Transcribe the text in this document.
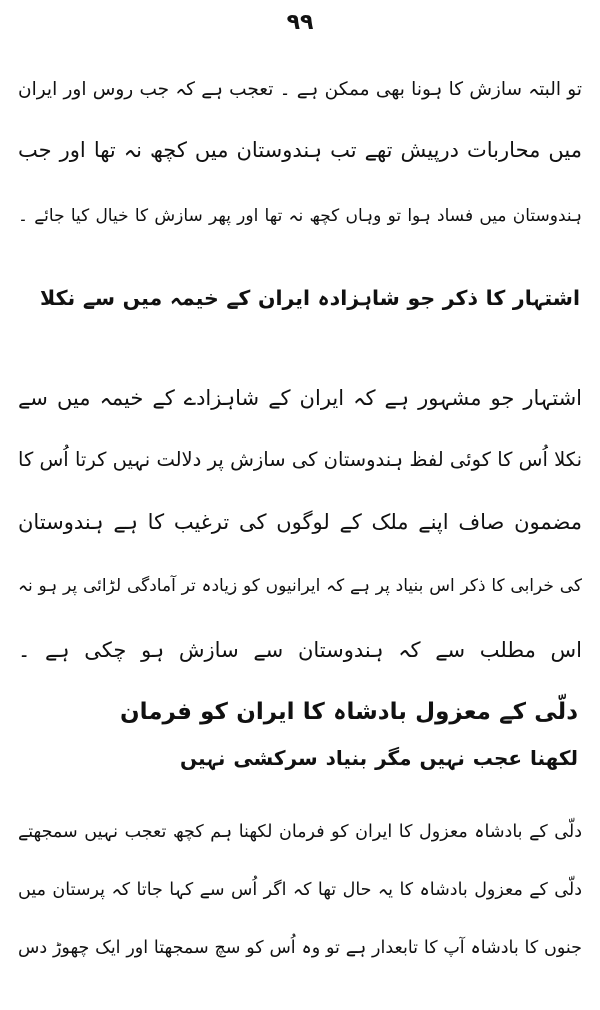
۹۹
تو البتہ سازش کا ہونا بھی ممکن ہے ۔ تعجب ہے کہ جب روس اور ایران
میں محاربات درپیش تھے تب ہندوستان میں کچھ نہ تھا اور جب
ہندوستان میں فساد ہوا تو وہاں کچھ نہ تھا اور پھر سازش کا خیال کیا جائے ۔
اشتہار کا ذکر جو شاہزادہ ایران کے خیمہ میں سے نکلا
اشتہار جو مشہور ہے کہ ایران کے شاہزادے کے خیمہ میں سے
نکلا اُس کا کوئی لفظ ہندوستان کی سازش پر دلالت نہیں کرتا اُس کا
مضمون صاف اپنے ملک کے لوگوں کی ترغیب کا ہے ہندوستان
کی خرابی کا ذکر اس بنیاد پر ہے کہ ایرانیوں کو زیادہ تر آمادگی لڑائی پر ہو نہ
اس مطلب سے کہ ہندوستان سے سازش ہو چکی ہے ۔
دلّی کے معزول بادشاہ کا ایران کو فرمان
لکھنا عجب نہیں مگر بنیاد سرکشی نہیں
دلّی کے بادشاہ معزول کا ایران کو فرمان لکھنا ہم کچھ تعجب نہیں سمجھتے
دلّی کے معزول بادشاہ کا یہ حال تھا کہ اگر اُس سے کہا جاتا کہ پرستان میں
جنوں کا بادشاہ آپ کا تابعدار ہے تو وہ اُس کو سچ سمجھتا اور ایک چھوڑ دس
